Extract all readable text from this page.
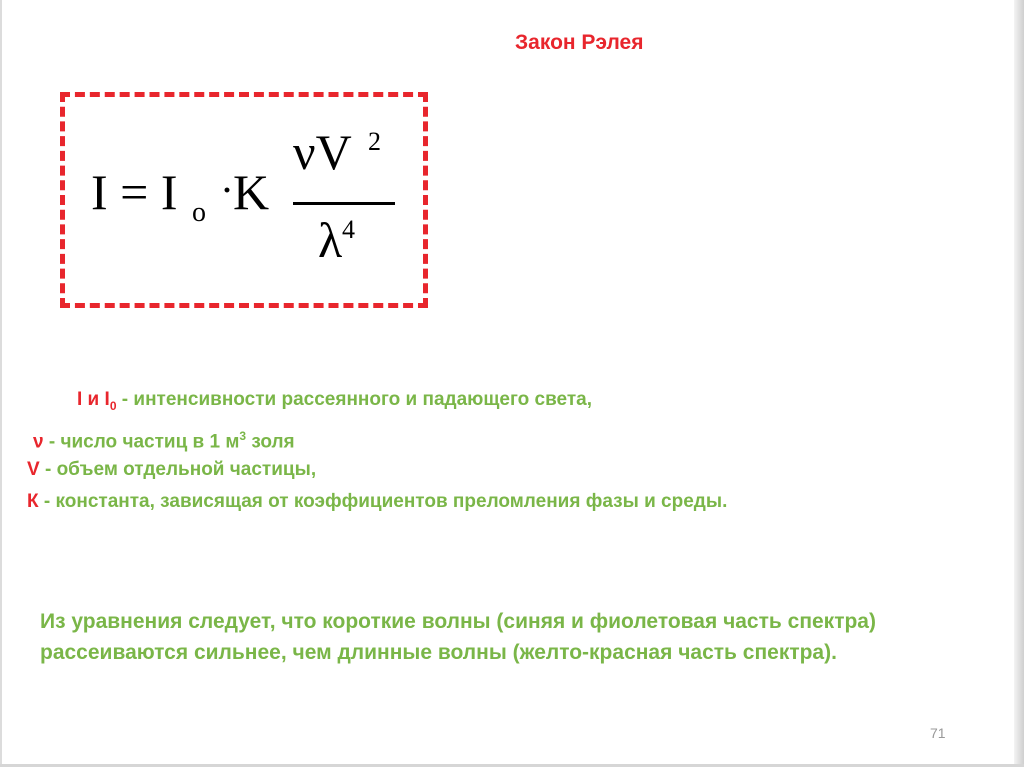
Закон Рэлея
I = I o · K
νV 2
λ 4
I и $I_0$ - интенсивности рассеянного и падающего света,
ν - число частиц в 1 $м^3$ золя
V - объем отдельной частицы,
К - константа, зависящая от коэффициентов преломления фазы и среды.
Из уравнения следует, что короткие волны (синяя и фиолетовая часть спектра) рассеиваются сильнее, чем длинные волны (желто-красная часть спектра).
71
